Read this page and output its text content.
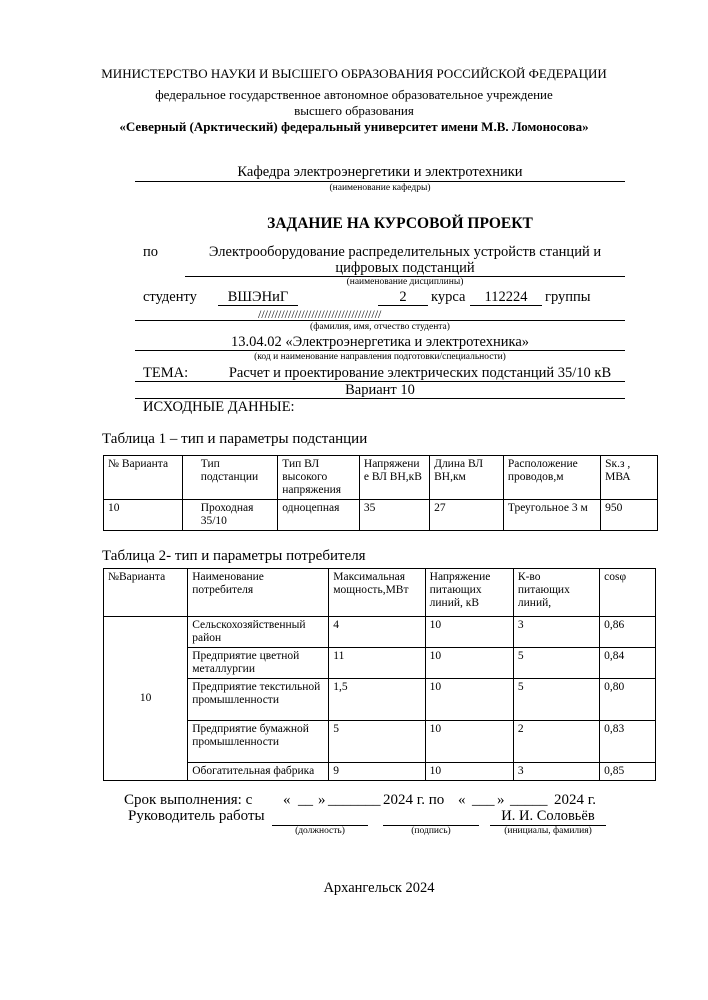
МИНИСТЕРСТВО НАУКИ И ВЫСШЕГО ОБРАЗОВАНИЯ РОССИЙСКОЙ ФЕДЕРАЦИИ
федеральное государственное автономное образовательное учреждение
высшего образования
«Северный (Арктический) федеральный университет имени М.В. Ломоносова»
Кафедра электроэнергетики и электротехники
(наименование кафедры)
ЗАДАНИЕ НА КУРСОВОЙ ПРОЕКТ
по	Электрооборудование распределительных устройств станций и
цифровых подстанций
(наименование дисциплины)
студенту	ВШЭНиГ	2	курса	112224	группы
/////////////////////////////////////
(фамилия, имя, отчество студента)
13.04.02 «Электроэнергетика и электротехника»
(код и наименование направления подготовки/специальности)
ТЕМА:	Расчет и проектирование электрических подстанций 35/10 кВ
Вариант 10
ИСХОДНЫЕ ДАННЫЕ:
Таблица 1 – тип и параметры подстанции
№ Варианта	Тип подстанции	Тип ВЛ высокого напряжения	Напряжени е ВЛ ВН,кВ	Длина ВЛ ВН,км	Расположение проводов,м	Sк.з , МВА
10	Проходная 35/10	одноцепная	35	27	Треугольное 3 м	950
Таблица 2- тип и параметры потребителя
№Варианта	Наименование потребителя	Максимальная мощность,МВт	Напряжение питающих линий, кВ	К-во питающих линий,	cosφ
10	Сельскохозяйственный район	4	10	3	0,86
	Предприятие цветной металлургии	11	10	5	0,84
	Предприятие текстильной промышленности	1,5	10	5	0,80
	Предприятие бумажной промышленности	5	10	2	0,83
	Обогатительная фабрика	9	10	3	0,85
Срок выполнения: с « __ » _______ 2024 г. по « ___ » _____ 2024 г.
Руководитель работы	И. И. Соловьёв
(должность)	(подпись)	(инициалы, фамилия)
Архангельск 2024
